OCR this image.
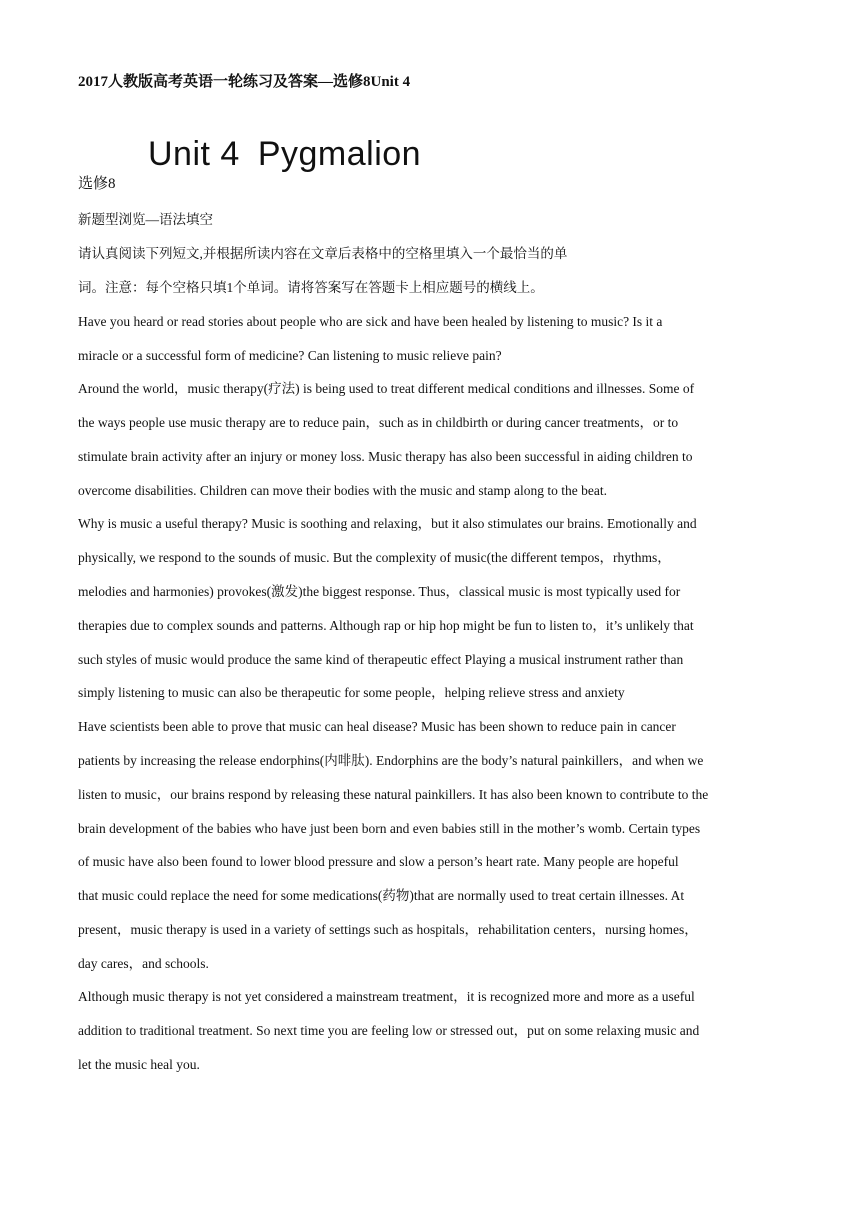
2017人教版高考英语一轮练习及答案—选修8Unit 4
Unit 4 Pygmalion
选修8
新题型浏览—语法填空
请认真阅读下列短文,并根据所读内容在文章后表格中的空格里填入一个最恰当的单
词。注意：每个空格只填1个单词。请将答案写在答题卡上相应题号的横线上。
Have you heard or read stories about people who are sick and have been healed by listening to music? Is it a
miracle or a successful form of medicine? Can listening to music relieve pain?
Around the world，music therapy(疗法) is being used to treat different medical conditions and illnesses. Some of
the ways people use music therapy are to reduce pain，such as in childbirth or during cancer treatments，or to
stimulate brain activity after an injury or money loss. Music therapy has also been successful in aiding children to
overcome disabilities. Children can move their bodies with the music and stamp along to the beat.
Why is music a useful therapy? Music is soothing and relaxing，but it also stimulates our brains. Emotionally and
physically, we respond to the sounds of music. But the complexity of music(the different tempos，rhythms，
melodies and harmonies) provokes(激发)the biggest response. Thus，classical music is most typically used for
therapies due to complex sounds and patterns. Although rap or hip hop might be fun to listen to，it’s unlikely that
such styles of music would produce the same kind of therapeutic effect Playing a musical instrument rather than
simply listening to music can also be therapeutic for some people，helping relieve stress and anxiety
Have scientists been able to prove that music can heal disease? Music has been shown to reduce pain in cancer
patients by increasing the release endorphins(内啡肽). Endorphins are the body’s natural painkillers，and when we
listen to music，our brains respond by releasing these natural painkillers. It has also been known to contribute to the
brain development of the babies who have just been born and even babies still in the mother’s womb. Certain types
of music have also been found to lower blood pressure and slow a person’s heart rate. Many people are hopeful
that music could replace the need for some medications(药物)that are normally used to treat certain illnesses. At
present，music therapy is used in a variety of settings such as hospitals，rehabilitation centers，nursing homes，
day cares，and schools.
Although music therapy is not yet considered a mainstream treatment，it is recognized more and more as a useful
addition to traditional treatment. So next time you are feeling low or stressed out，put on some relaxing music and
let the music heal you.
